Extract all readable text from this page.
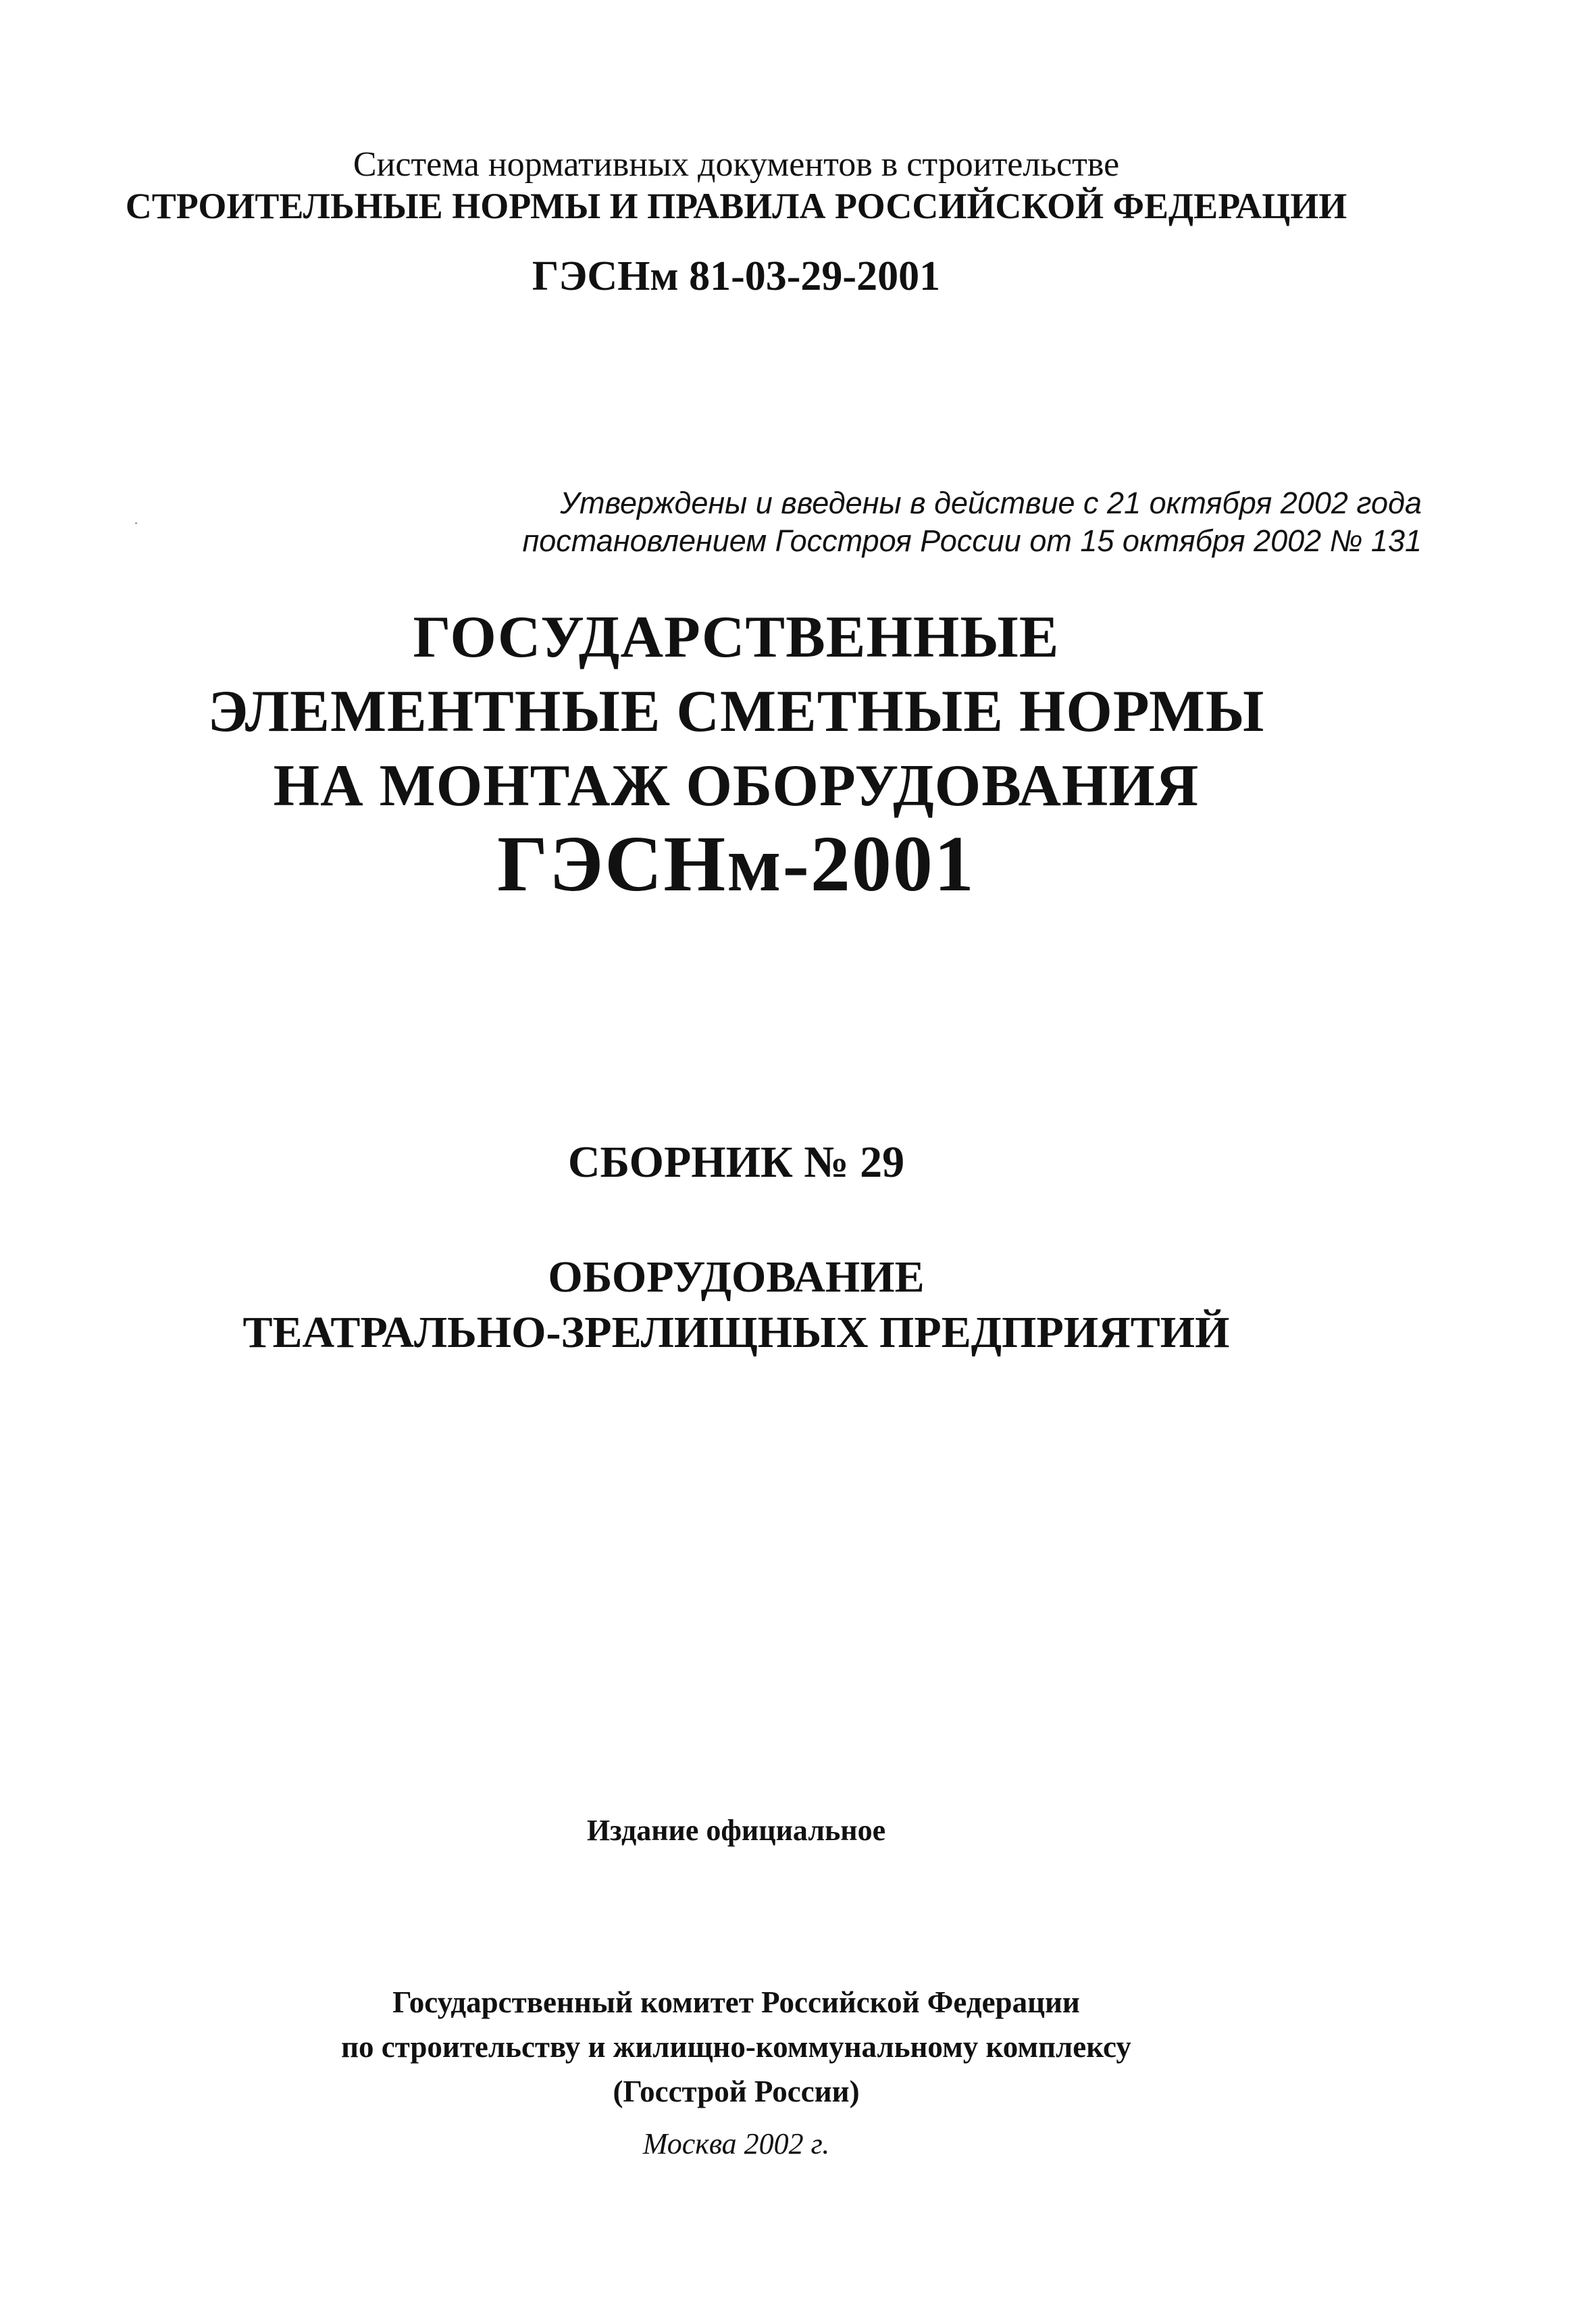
Система нормативных документов в строительстве
СТРОИТЕЛЬНЫЕ НОРМЫ И ПРАВИЛА РОССИЙСКОЙ ФЕДЕРАЦИИ
ГЭСНм 81-03-29-2001
Утверждены и введены в действие с 21 октября 2002 года
постановлением Госстроя России от 15 октября 2002 № 131
ГОСУДАРСТВЕННЫЕ
ЭЛЕМЕНТНЫЕ СМЕТНЫЕ НОРМЫ
НА МОНТАЖ ОБОРУДОВАНИЯ
ГЭСНм-2001
СБОРНИК № 29
ОБОРУДОВАНИЕ
ТЕАТРАЛЬНО-ЗРЕЛИЩНЫХ ПРЕДПРИЯТИЙ
Издание официальное
Государственный комитет Российской Федерации
по строительству и жилищно-коммунальному комплексу
(Госстрой России)
Москва 2002 г.
